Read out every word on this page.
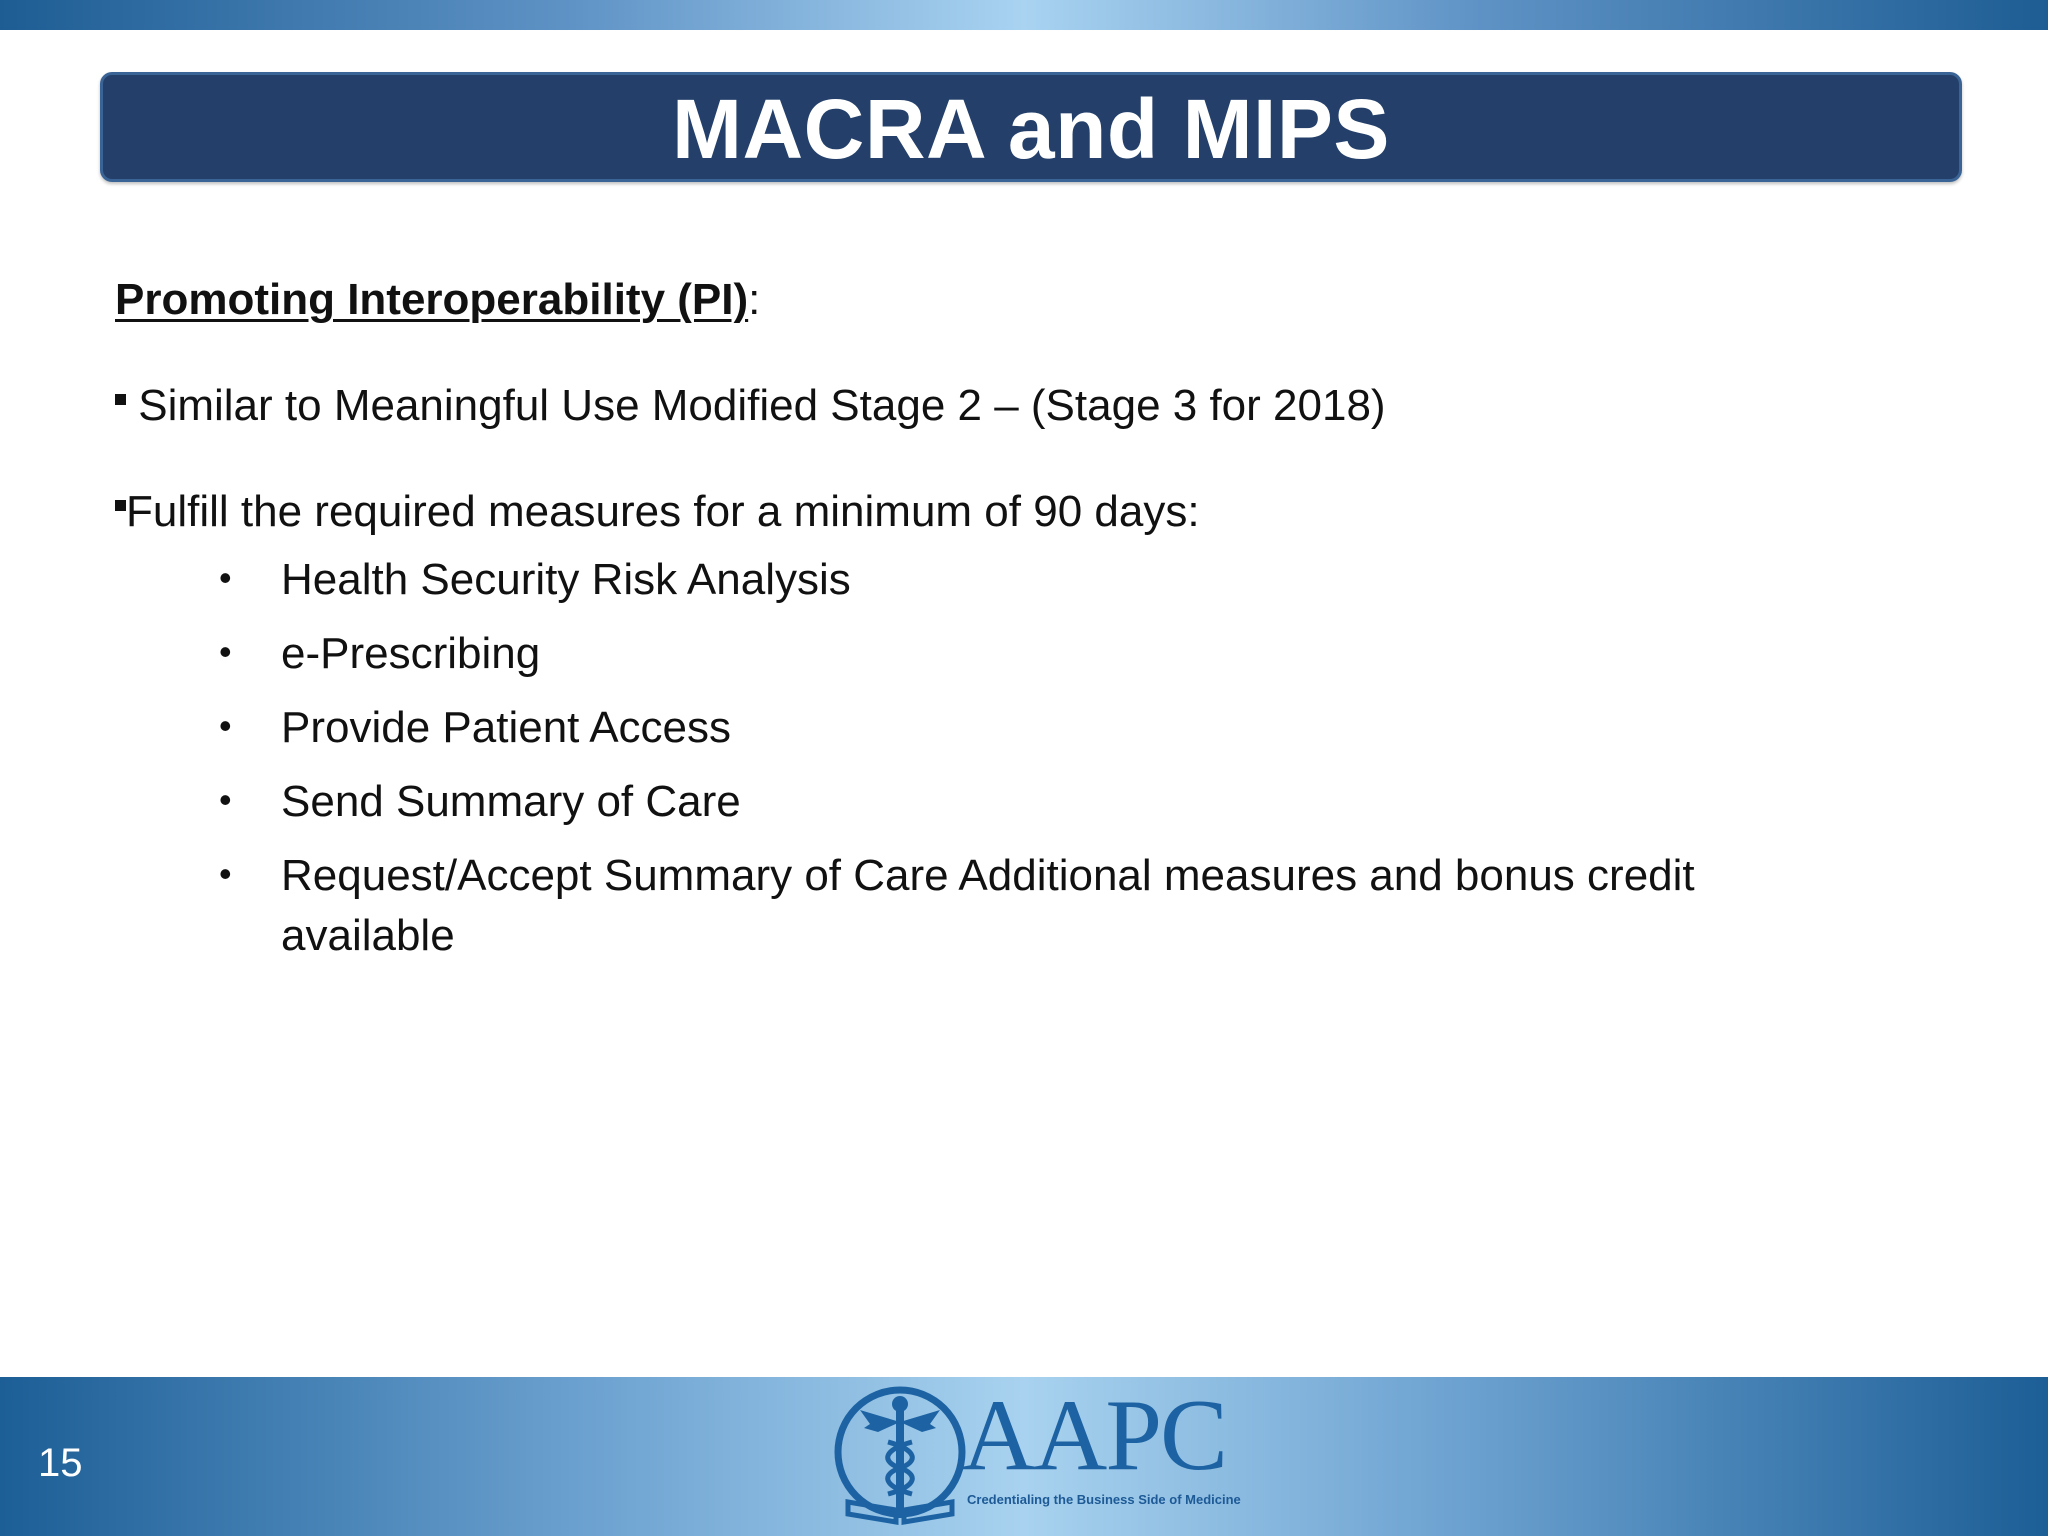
MACRA and MIPS
Promoting Interoperability (PI):
Similar to Meaningful Use Modified Stage 2 – (Stage 3 for 2018)
Fulfill the required measures for a minimum of 90 days:
• Health Security Risk Analysis
• e-Prescribing
• Provide Patient Access
• Send Summary of Care
• Request/Accept Summary of Care Additional measures and bonus credit available
15	AAPC
Credentialing the Business Side of Medicine
